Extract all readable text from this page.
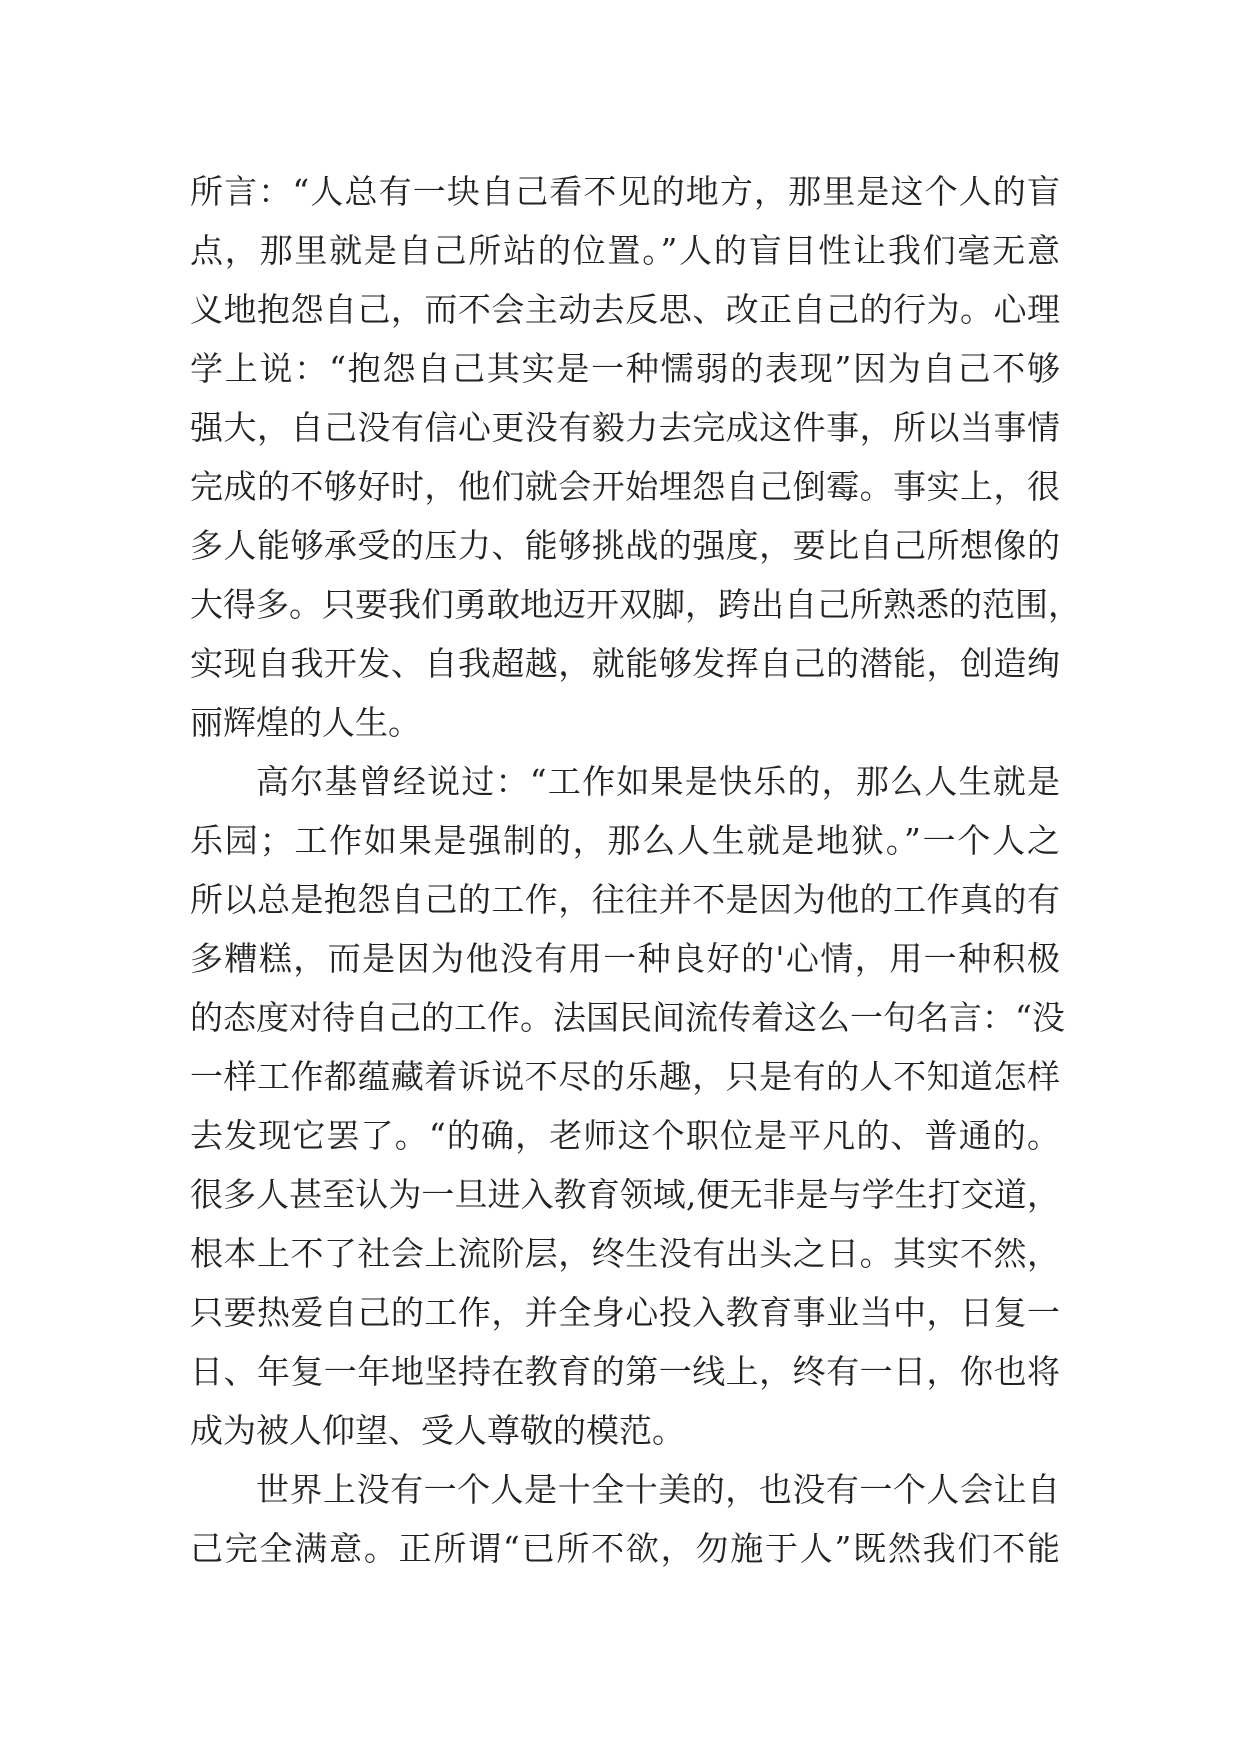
所言：“人总有一块自己看不见的地方，那里是这个人的盲
点，那里就是自己所站的位置。”人的盲目性让我们毫无意
义地抱怨自己，而不会主动去反思、改正自己的行为。心理
学上说：“抱怨自己其实是一种懦弱的表现”因为自己不够
强大，自己没有信心更没有毅力去完成这件事，所以当事情
完成的不够好时，他们就会开始埋怨自己倒霉。事实上，很
多人能够承受的压力、能够挑战的强度，要比自己所想像的
大得多。只要我们勇敢地迈开双脚，跨出自己所熟悉的范围，
实现自我开发、自我超越，就能够发挥自己的潜能，创造绚
丽辉煌的人生。
高尔基曾经说过：“工作如果是快乐的，那么人生就是
乐园；工作如果是强制的，那么人生就是地狱。”一个人之
所以总是抱怨自己的工作，往往并不是因为他的工作真的有
多糟糕，而是因为他没有用一种良好的'心情，用一种积极
的态度对待自己的工作。法国民间流传着这么一句名言：“没
一样工作都蕴藏着诉说不尽的乐趣，只是有的人不知道怎样
去发现它罢了。“的确，老师这个职位是平凡的、普通的。
很多人甚至认为一旦进入教育领域,便无非是与学生打交道，
根本上不了社会上流阶层，终生没有出头之日。其实不然，
只要热爱自己的工作，并全身心投入教育事业当中，日复一
日、年复一年地坚持在教育的第一线上，终有一日，你也将
成为被人仰望、受人尊敬的模范。
世界上没有一个人是十全十美的，也没有一个人会让自
己完全满意。正所谓“已所不欲，勿施于人”既然我们不能
